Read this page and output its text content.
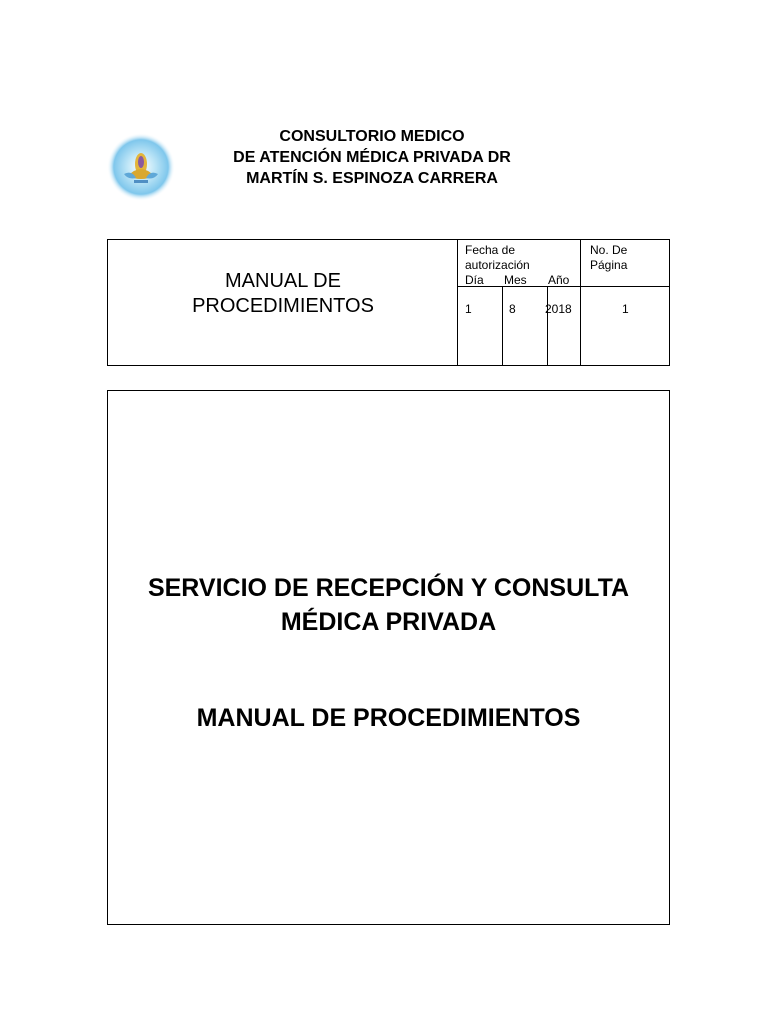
CONSULTORIO MEDICO
DE ATENCIÓN MÉDICA PRIVADA DR
MARTÍN S. ESPINOZA CARRERA
MANUAL DE
PROCEDIMIENTOS
Fecha de
autorización
Día Mes Año
No. De
Página
1	8 2018	1
SERVICIO DE RECEPCIÓN Y CONSULTA
MÉDICA PRIVADA
MANUAL DE PROCEDIMIENTOS
